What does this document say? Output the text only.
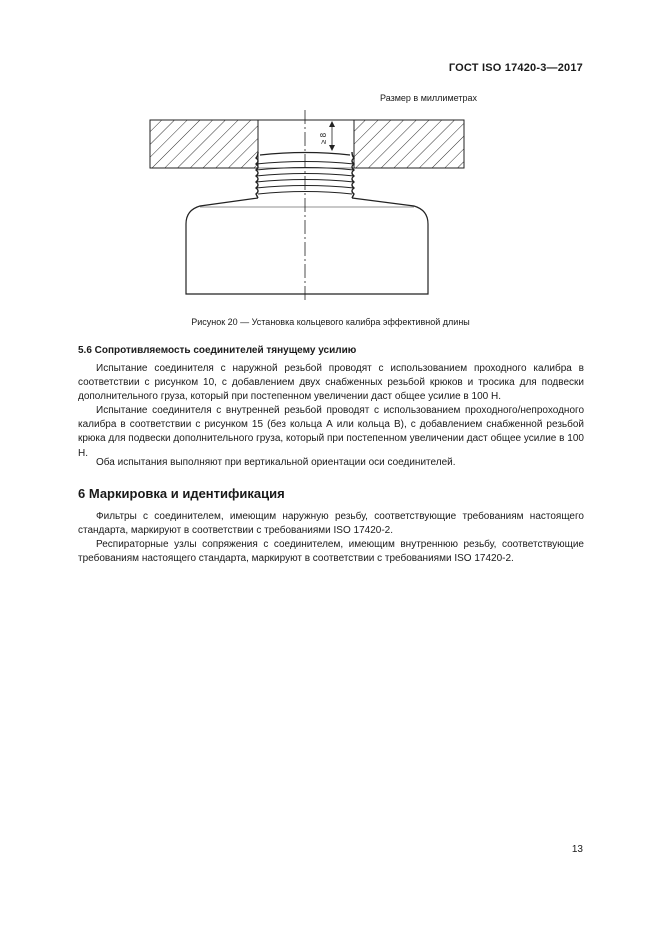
ГОСТ ISO 17420-3—2017
Размер в миллиметрах
≥ 8
Рисунок 20 — Установка кольцевого калибра эффективной длины
5.6 Сопротивляемость соединителей тянущему усилию

Испытание соединителя с наружной резьбой проводят с использованием проходного калибра в соответствии с рисунком 10, с добавлением двух снабженных резьбой крюков и тросика для подвески дополнительного груза, который при постепенном увеличении даст общее усилие в 100 Н.

Испытание соединителя с внутренней резьбой проводят с использованием проходного/непроходного калибра в соответствии с рисунком 15 (без кольца А или кольца В), с добавлением снабженной резьбой крюка для подвески дополнительного груза, который при постепенном увеличении даст общее усилие в 100 Н.

Оба испытания выполняют при вертикальной ориентации оси соединителей.

6 Маркировка и идентификация

Фильтры с соединителем, имеющим наружную резьбу, соответствующие требованиям настоящего стандарта, маркируют в соответствии с требованиями ISO 17420-2.

Респираторные узлы сопряжения с соединителем, имеющим внутреннюю резьбу, соответствующие требованиям настоящего стандарта, маркируют в соответствии с требованиями ISO 17420-2.

13
